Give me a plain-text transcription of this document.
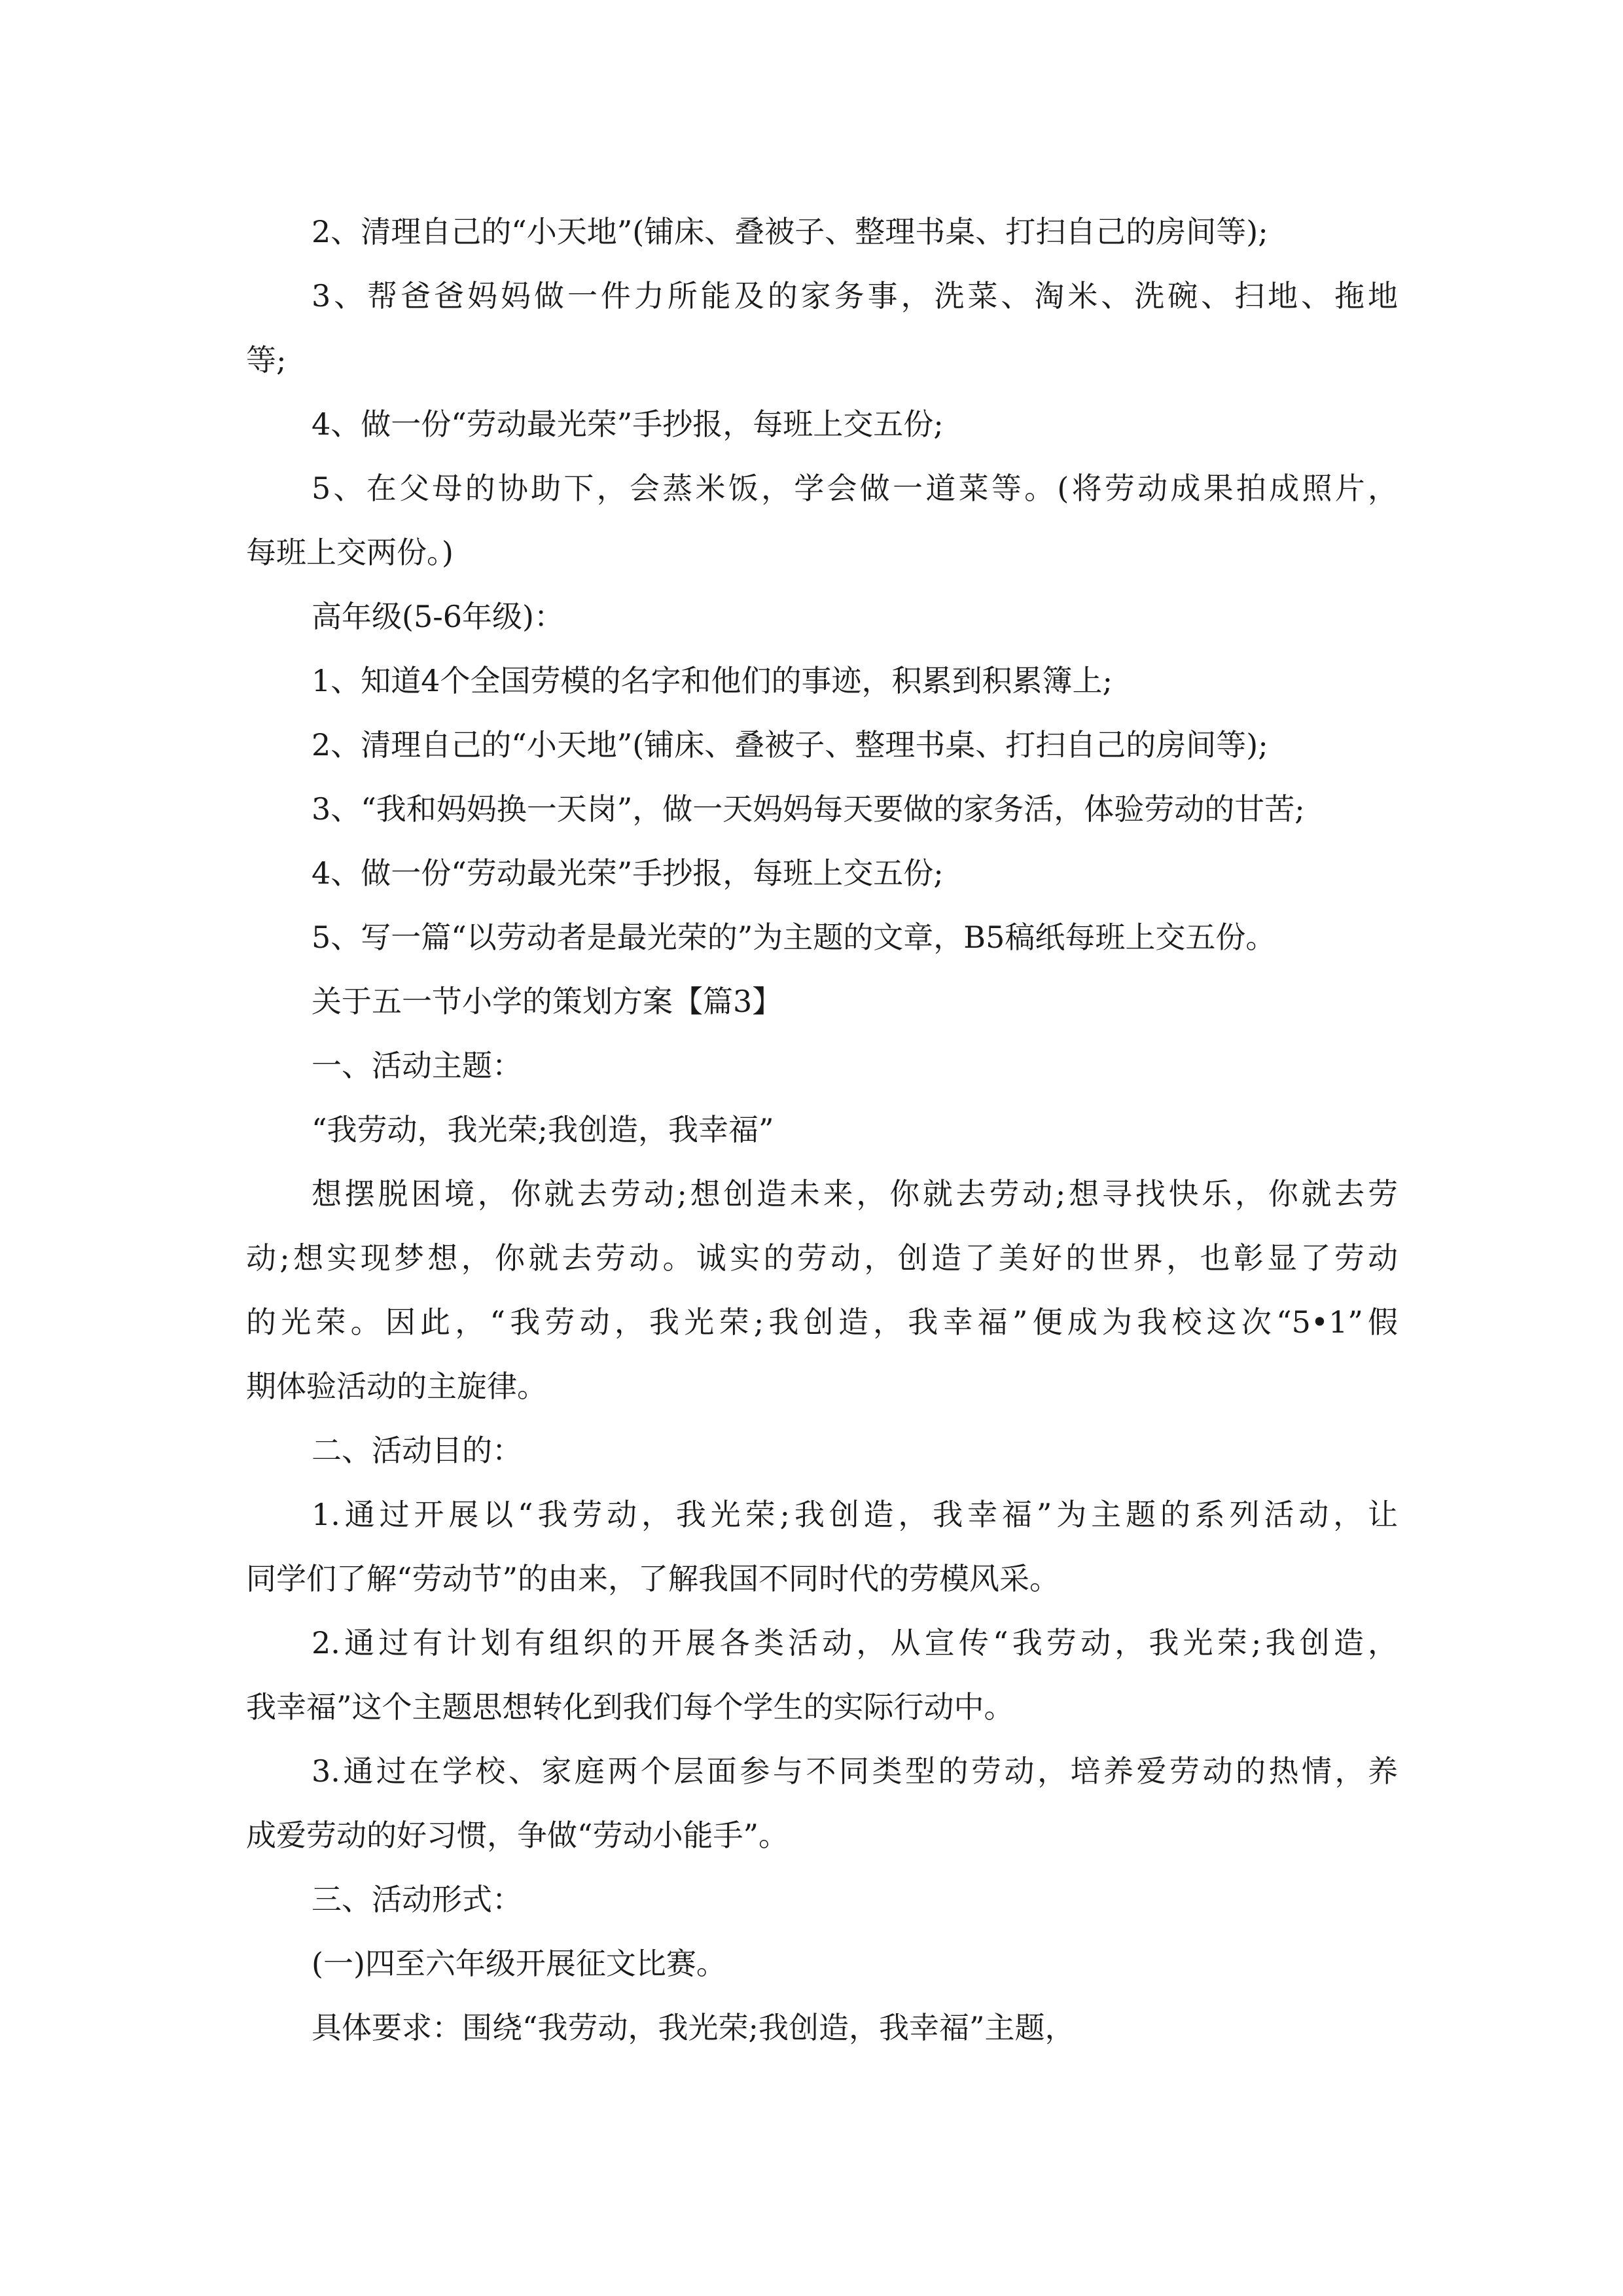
2、清理自己的“小天地”(铺床、叠被子、整理书桌、打扫自己的房间等);

3、帮爸爸妈妈做一件力所能及的家务事，洗菜、淘米、洗碗、扫地、拖地

等;

4、做一份“劳动最光荣”手抄报，每班上交五份;

5、在父母的协助下，会蒸米饭，学会做一道菜等。(将劳动成果拍成照片，

每班上交两份。)

高年级(5-6年级)：

1、知道4个全国劳模的名字和他们的事迹，积累到积累簿上;

2、清理自己的“小天地”(铺床、叠被子、整理书桌、打扫自己的房间等);

3、“我和妈妈换一天岗”，做一天妈妈每天要做的家务活，体验劳动的甘苦;

4、做一份“劳动最光荣”手抄报，每班上交五份;

5、写一篇“以劳动者是最光荣的”为主题的文章，B5稿纸每班上交五份。

关于五一节小学的策划方案【篇3】

一、活动主题：

“我劳动，我光荣;我创造，我幸福”

想摆脱困境，你就去劳动;想创造未来，你就去劳动;想寻找快乐，你就去劳

动;想实现梦想，你就去劳动。诚实的劳动，创造了美好的世界，也彰显了劳动

的光荣。因此，“我劳动，我光荣;我创造，我幸福”便成为我校这次“5•1”假

期体验活动的主旋律。

二、活动目的：

1.通过开展以“我劳动，我光荣;我创造，我幸福”为主题的系列活动，让

同学们了解“劳动节”的由来，了解我国不同时代的劳模风采。

2.通过有计划有组织的开展各类活动，从宣传“我劳动，我光荣;我创造，

我幸福”这个主题思想转化到我们每个学生的实际行动中。

3.通过在学校、家庭两个层面参与不同类型的劳动，培养爱劳动的热情，养

成爱劳动的好习惯，争做“劳动小能手”。

三、活动形式：

(一)四至六年级开展征文比赛。

具体要求：围绕“我劳动，我光荣;我创造，我幸福”主题，
